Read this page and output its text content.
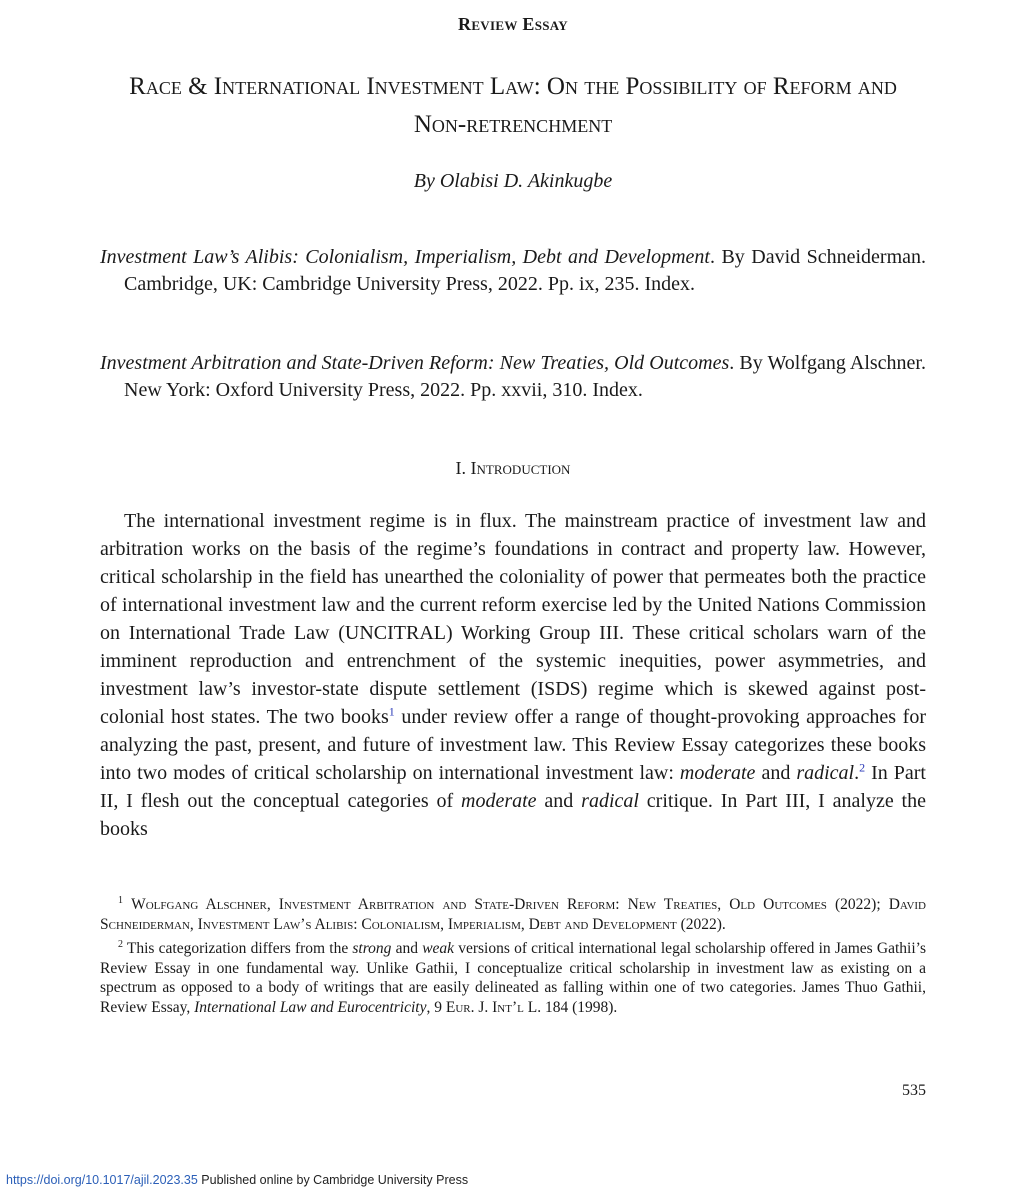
Review Essay
Race & International Investment Law: On the Possibility of Reform and Non-retrenchment
By Olabisi D. Akinkugbe
Investment Law’s Alibis: Colonialism, Imperialism, Debt and Development. By David Schneiderman. Cambridge, UK: Cambridge University Press, 2022. Pp. ix, 235. Index.
Investment Arbitration and State-Driven Reform: New Treaties, Old Outcomes. By Wolfgang Alschner. New York: Oxford University Press, 2022. Pp. xxvii, 310. Index.
I. Introduction

The international investment regime is in flux. The mainstream practice of investment law and arbitration works on the basis of the regime’s foundations in contract and property law. However, critical scholarship in the field has unearthed the coloniality of power that permeates both the practice of international investment law and the current reform exercise led by the United Nations Commission on International Trade Law (UNCITRAL) Working Group III. These critical scholars warn of the imminent reproduction and entrenchment of the systemic inequities, power asymmetries, and investment law’s investor-state dispute settlement (ISDS) regime which is skewed against post-colonial host states. The two books$^1$ under review offer a range of thought-provoking approaches for analyzing the past, present, and future of investment law. This Review Essay categorizes these books into two modes of critical scholarship on international investment law: moderate and radical.$^2$ In Part II, I flesh out the conceptual categories of moderate and radical critique. In Part III, I analyze the books

$^1$ Wolfgang Alschner, Investment Arbitration and State-Driven Reform: New Treaties, Old Outcomes (2022); David Schneiderman, Investment Law’s Alibis: Colonialism, Imperialism, Debt and Development (2022).

$^2$ This categorization differs from the strong and weak versions of critical international legal scholarship offered in James Gathii’s Review Essay in one fundamental way. Unlike Gathii, I conceptualize critical scholarship in investment law as existing on a spectrum as opposed to a body of writings that are easily delineated as falling within one of two categories. James Thuo Gathii, Review Essay, International Law and Eurocentricity, 9 Eur. J. Int’l L. 184 (1998).

535
https://doi.org/10.1017/ajil.2023.35 Published online by Cambridge University Press
